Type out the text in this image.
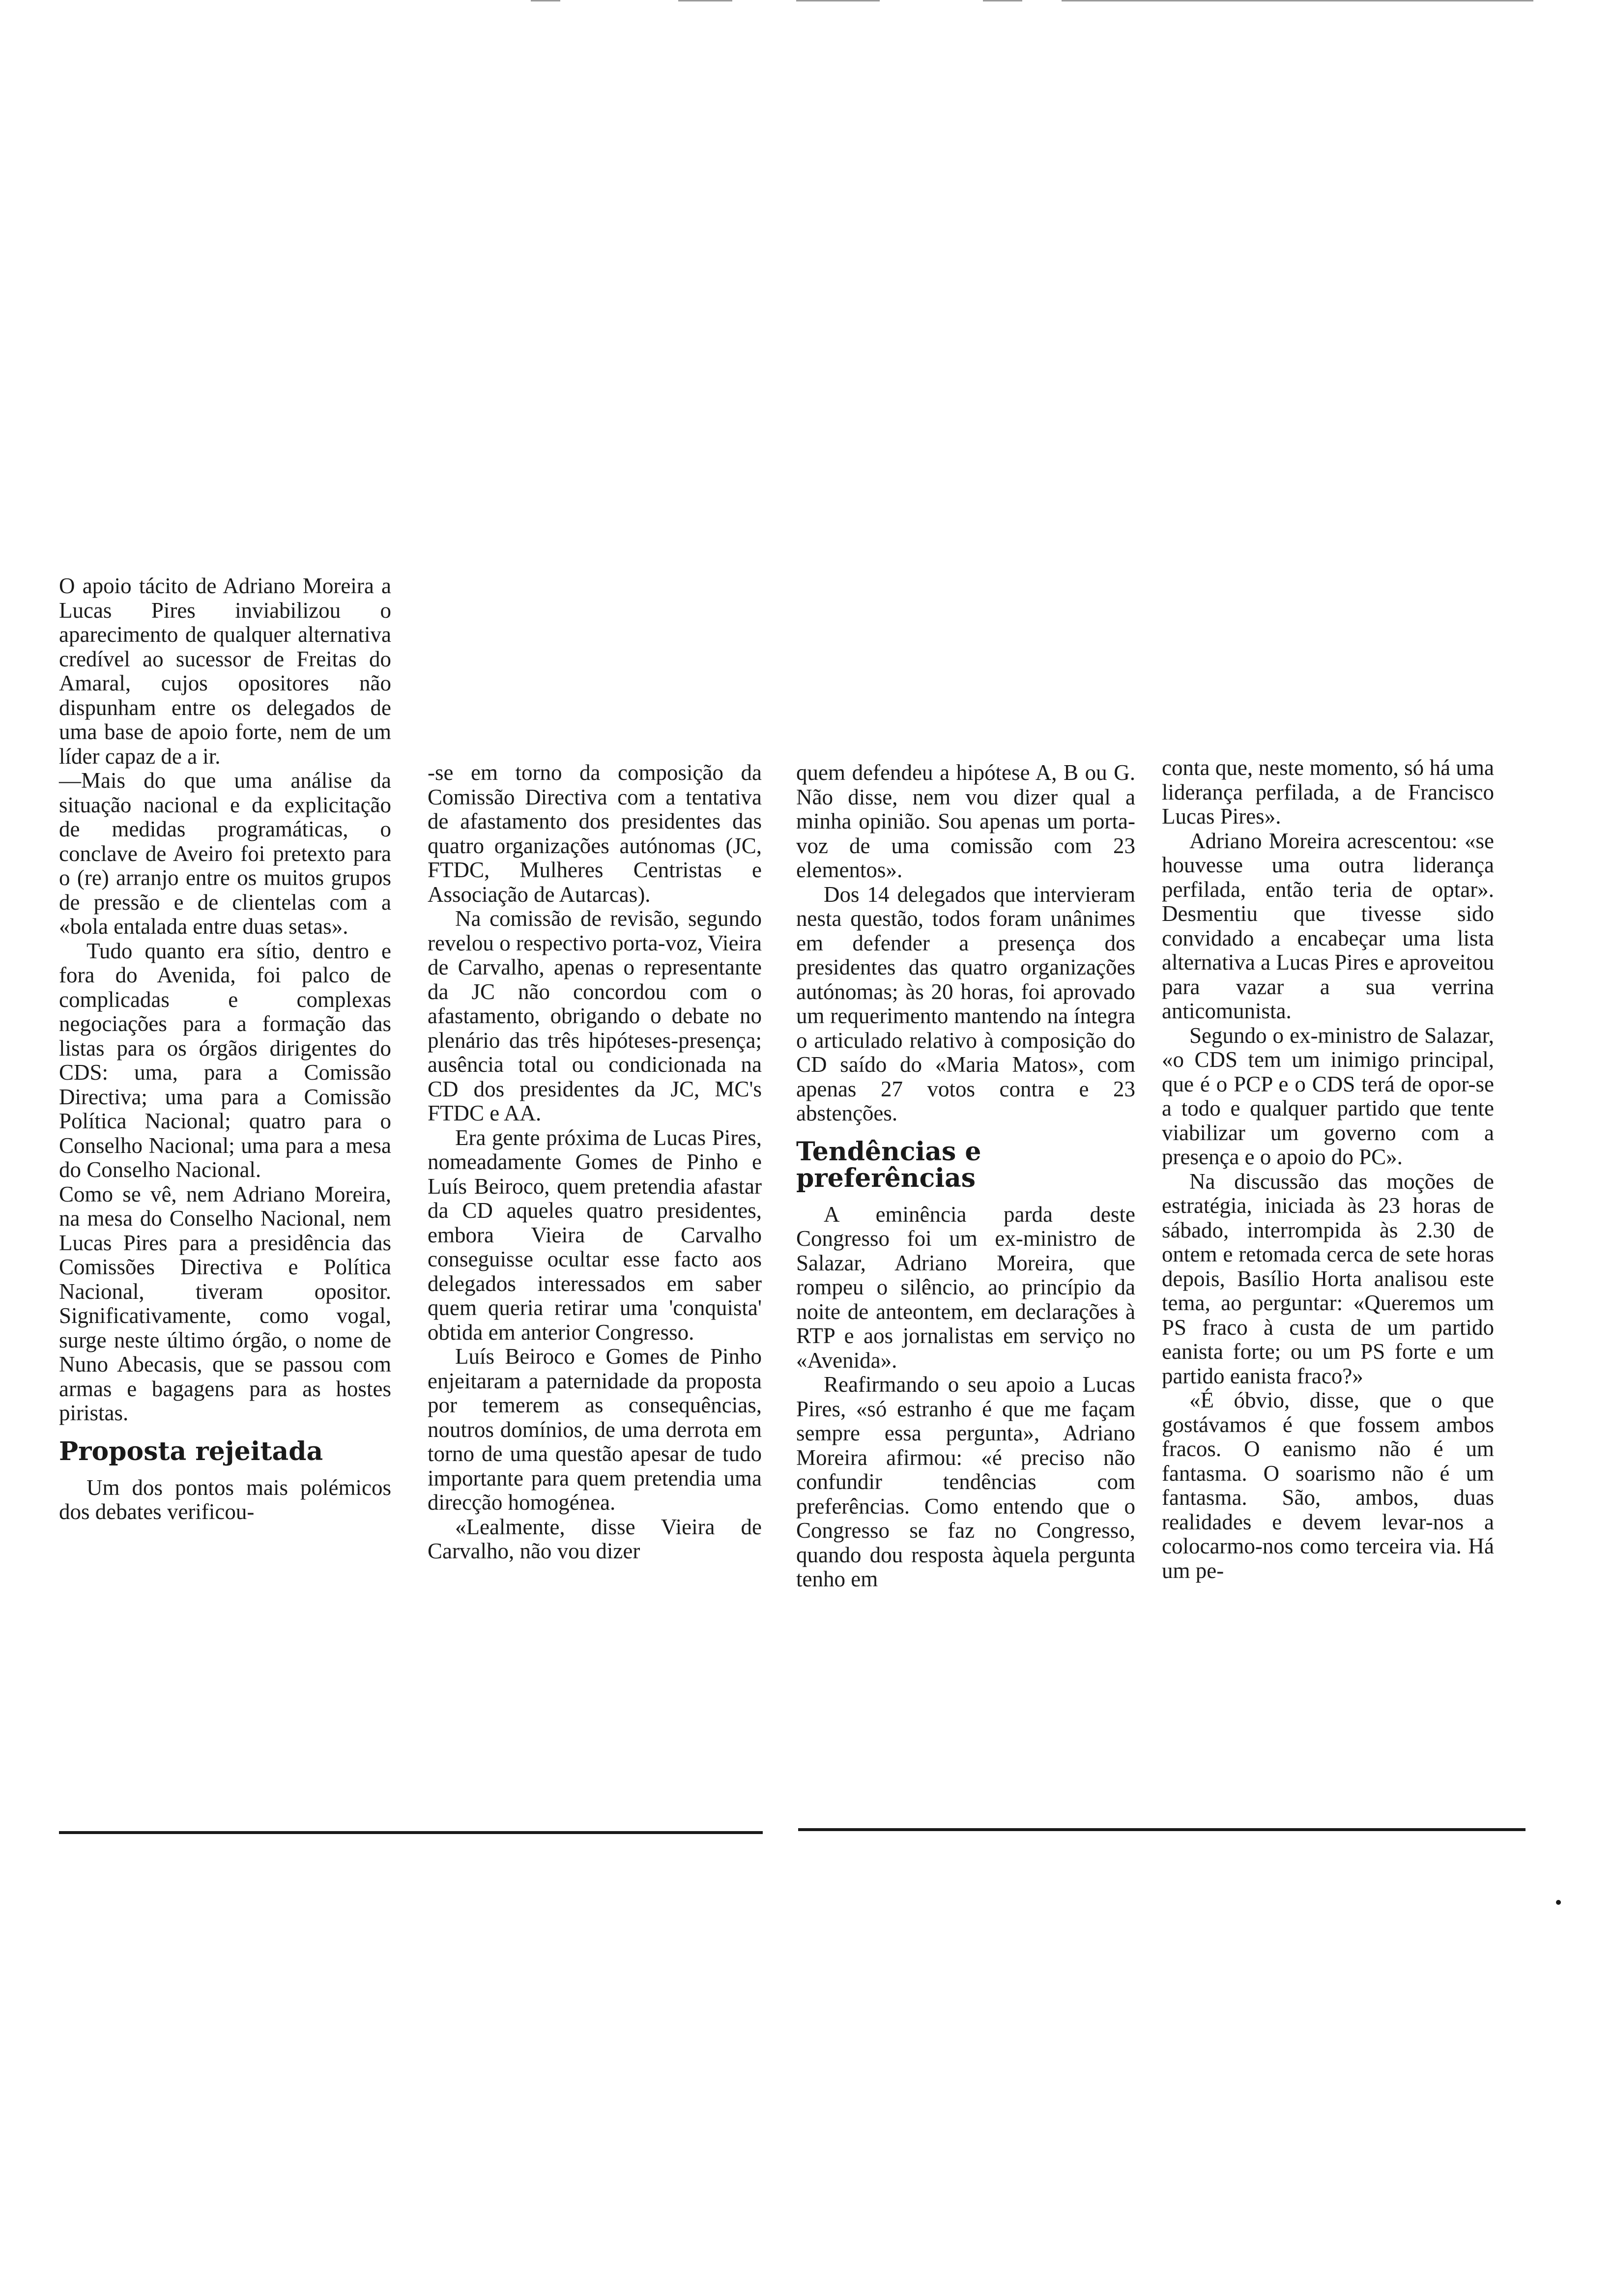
O apoio tácito de Adriano Moreira a Lucas Pires inviabilizou o aparecimento de qualquer alternativa credível ao sucessor de Freitas do Amaral, cujos opositores não dispunham entre os delegados de uma base de apoio forte, nem de um líder capaz de a ir.

—Mais do que uma análise da situação nacional e da explicitação de medidas programáticas, o conclave de Aveiro foi pretexto para o (re) arranjo entre os muitos grupos de pressão e de clientelas com a «bola entalada entre duas setas».

Tudo quanto era sítio, dentro e fora do Avenida, foi palco de complicadas e complexas negociações para a formação das listas para os órgãos dirigentes do CDS: uma, para a Comissão Directiva; uma para a Comissão Política Nacional; quatro para o Conselho Nacional; uma para a mesa do Conselho Nacional.

Como se vê, nem Adriano Moreira, na mesa do Conselho Nacional, nem Lucas Pires para a presidência das Comissões Directiva e Política Nacional, tiveram opositor. Significativamente, como vogal, surge neste último órgão, o nome de Nuno Abecasis, que se passou com armas e bagagens para as hostes piristas.

Proposta rejeitada

Um dos pontos mais polémicos dos debates verificou-

-se em torno da composição da Comissão Directiva com a tentativa de afastamento dos presidentes das quatro organizações autónomas (JC, FTDC, Mulheres Centristas e Associação de Autarcas).

Na comissão de revisão, segundo revelou o respectivo porta-voz, Vieira de Carvalho, apenas o representante da JC não concordou com o afastamento, obrigando o debate no plenário das três hipóteses-presença; ausência total ou condicionada na CD dos presidentes da JC, MC's FTDC e AA.

Era gente próxima de Lucas Pires, nomeadamente Gomes de Pinho e Luís Beiroco, quem pretendia afastar da CD aqueles quatro presidentes, embora Vieira de Carvalho conseguisse ocultar esse facto aos delegados interessados em saber quem queria retirar uma 'conquista' obtida em anterior Congresso.

Luís Beiroco e Gomes de Pinho enjeitaram a paternidade da proposta por temerem as consequências, noutros domínios, de uma derrota em torno de uma questão apesar de tudo importante para quem pretendia uma direcção homogénea.

«Lealmente, disse Vieira de Carvalho, não vou dizer

quem defendeu a hipótese A, B ou G. Não disse, nem vou dizer qual a minha opinião. Sou apenas um porta-voz de uma comissão com 23 elementos».

Dos 14 delegados que intervieram nesta questão, todos foram unânimes em defender a presença dos presidentes das quatro organizações autónomas; às 20 horas, foi aprovado um requerimento mantendo na íntegra o articulado relativo à composição do CD saído do «Maria Matos», com apenas 27 votos contra e 23 abstenções.

Tendências e preferências

A eminência parda deste Congresso foi um ex-ministro de Salazar, Adriano Moreira, que rompeu o silêncio, ao princípio da noite de anteontem, em declarações à RTP e aos jornalistas em serviço no «Avenida».

Reafirmando o seu apoio a Lucas Pires, «só estranho é que me façam sempre essa pergunta», Adriano Moreira afirmou: «é preciso não confundir tendências com preferências. Como entendo que o Congresso se faz no Congresso, quando dou resposta àquela pergunta tenho em

conta que, neste momento, só há uma liderança perfilada, a de Francisco Lucas Pires».

Adriano Moreira acrescentou: «se houvesse uma outra liderança perfilada, então teria de optar». Desmentiu que tivesse sido convidado a encabeçar uma lista alternativa a Lucas Pires e aproveitou para vazar a sua verrina anticomunista.

Segundo o ex-ministro de Salazar, «o CDS tem um inimigo principal, que é o PCP e o CDS terá de opor-se a todo e qualquer partido que tente viabilizar um governo com a presença e o apoio do PC».

Na discussão das moções de estratégia, iniciada às 23 horas de sábado, interrompida às 2.30 de ontem e retomada cerca de sete horas depois, Basílio Horta analisou este tema, ao perguntar: «Queremos um PS fraco à custa de um partido eanista forte; ou um PS forte e um partido eanista fraco?»

«É óbvio, disse, que o que gostávamos é que fossem ambos fracos. O eanismo não é um fantasma. O soarismo não é um fantasma. São, ambos, duas realidades e devem levar-nos a colocarmo-nos como terceira via. Há um pe-
